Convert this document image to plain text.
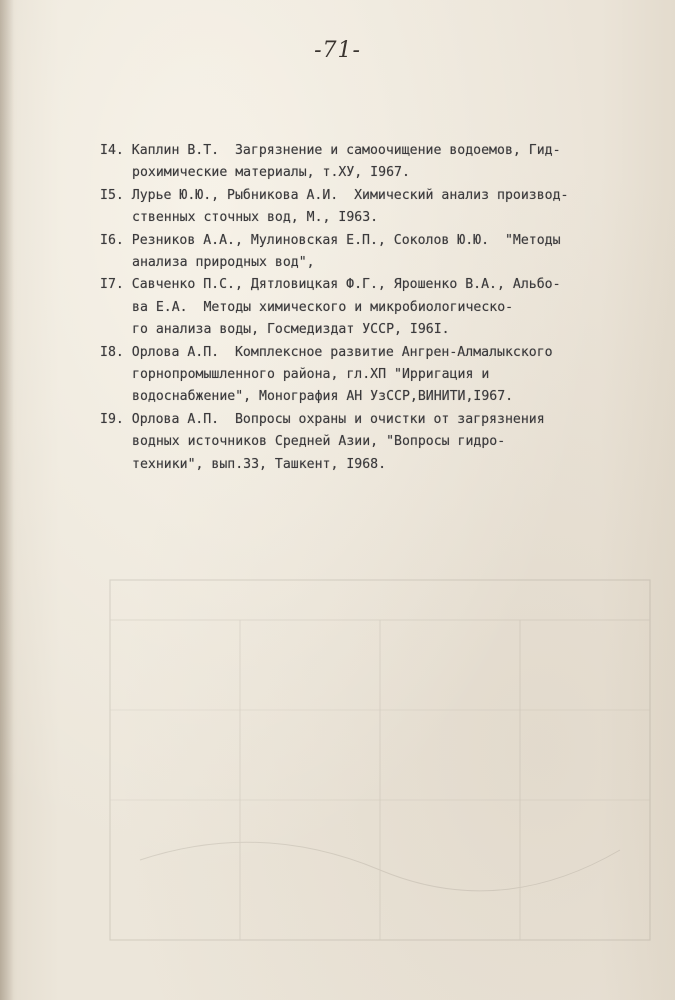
-71-
I4. Каплин В.Т.  Загрязнение и самоочищение водоемов, Гид-
рохимические материалы, т.ХУ, I967.
I5. Лурье Ю.Ю., Рыбникова А.И.  Химический анализ производ-
ственных сточных вод, М., I963.
I6. Резников А.А., Мулиновская Е.П., Соколов Ю.Ю.  "Методы
анализа природных вод",
I7. Савченко П.С., Дятловицкая Ф.Г., Ярошенко В.А., Альбо-
ва Е.А.  Методы химического и микробиологическо-
го анализа воды, Госмедиздат УССР, I96I.
I8. Орлова А.П.  Комплексное развитие Ангрен-Алмалыкского
горнопромышленного района, гл.ХП "Ирригация и
водоснабжение", Монография АН УзССР,ВИНИТИ,I967.
I9. Орлова А.П.  Вопросы охраны и очистки от загрязнения
водных источников Средней Азии, "Вопросы гидро-
техники", вып.33, Ташкент, I968.
